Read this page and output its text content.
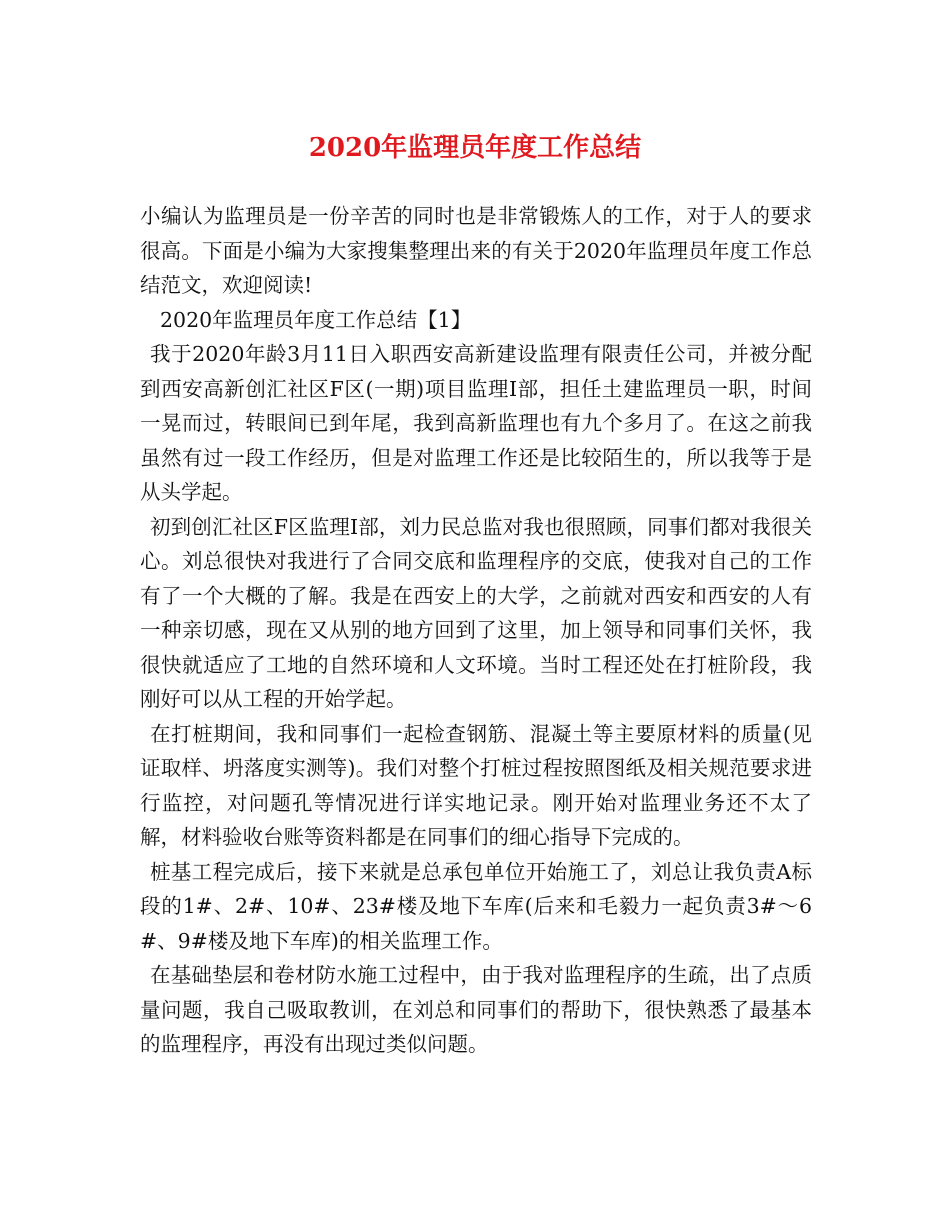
2020年监理员年度工作总结

小编认为监理员是一份辛苦的同时也是非常锻炼人的工作，对于人的要求很高。下面是小编为大家搜集整理出来的有关于2020年监理员年度工作总结范文，欢迎阅读!

2020年监理员年度工作总结【1】

我于2020年龄3月11日入职西安高新建设监理有限责任公司，并被分配到西安高新创汇社区F区(一期)项目监理I部，担任土建监理员一职，时间一晃而过，转眼间已到年尾，我到高新监理也有九个多月了。在这之前我虽然有过一段工作经历，但是对监理工作还是比较陌生的，所以我等于是从头学起。

初到创汇社区F区监理I部，刘力民总监对我也很照顾，同事们都对我很关心。刘总很快对我进行了合同交底和监理程序的交底，使我对自己的工作有了一个大概的了解。我是在西安上的大学，之前就对西安和西安的人有一种亲切感，现在又从别的地方回到了这里，加上领导和同事们关怀，我很快就适应了工地的自然环境和人文环境。当时工程还处在打桩阶段，我刚好可以从工程的开始学起。

在打桩期间，我和同事们一起检查钢筋、混凝土等主要原材料的质量(见证取样、坍落度实测等)。我们对整个打桩过程按照图纸及相关规范要求进行监控，对问题孔等情况进行详实地记录。刚开始对监理业务还不太了解，材料验收台账等资料都是在同事们的细心指导下完成的。

桩基工程完成后，接下来就是总承包单位开始施工了，刘总让我负责A标段的1#、2#、10#、23#楼及地下车库(后来和毛毅力一起负责3#～6#、9#楼及地下车库)的相关监理工作。

在基础垫层和卷材防水施工过程中，由于我对监理程序的生疏，出了点质量问题，我自己吸取教训，在刘总和同事们的帮助下，很快熟悉了最基本的监理程序，再没有出现过类似问题。
